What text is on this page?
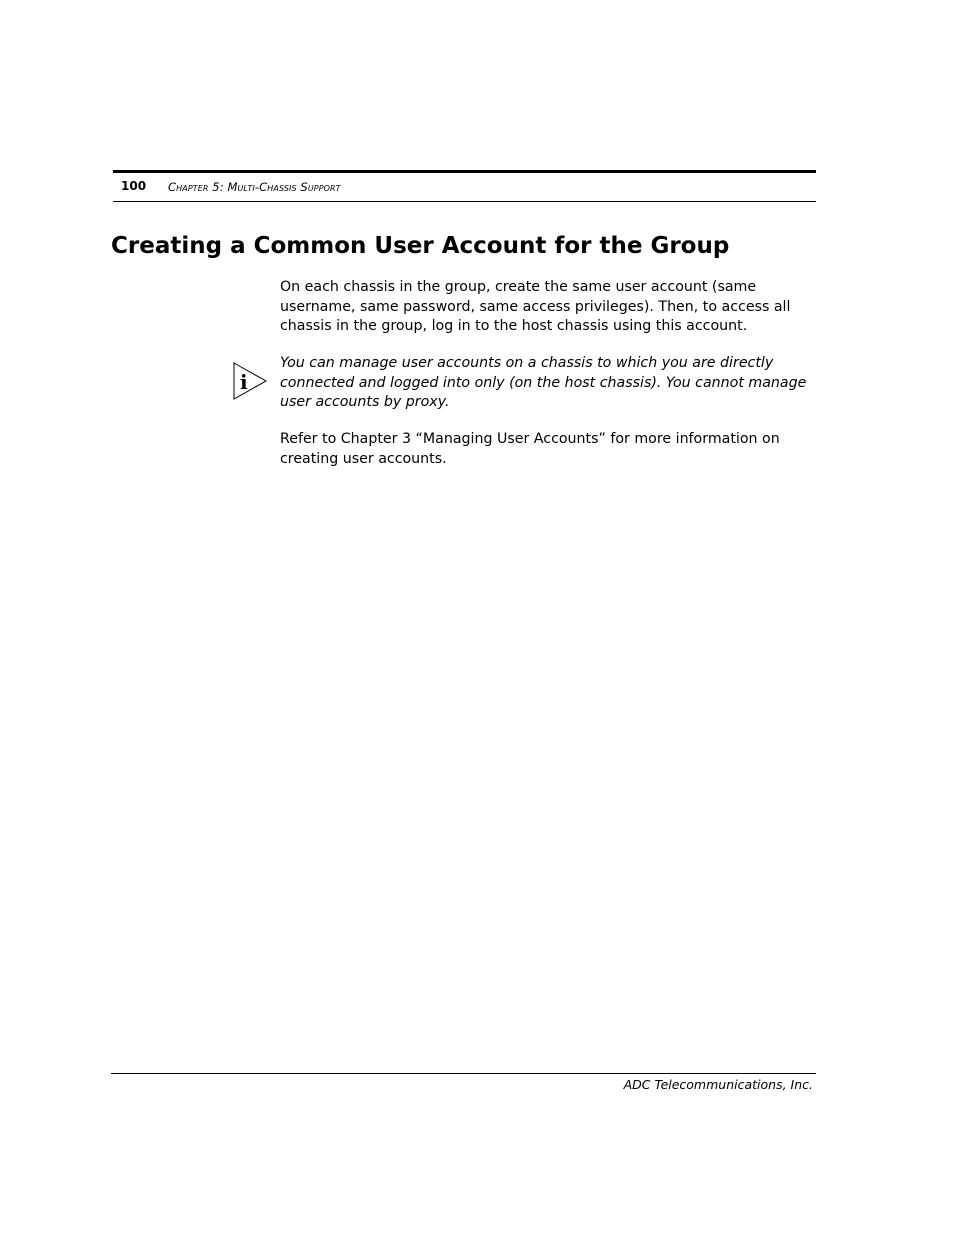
100 Chapter 5: Multi-Chassis Support
Creating a Common User Account for the Group

On each chassis in the group, create the same user account (same username, same password, same access privileges). Then, to access all chassis in the group, log in to the host chassis using this account.

i

You can manage user accounts on a chassis to which you are directly connected and logged into only (on the host chassis). You cannot manage user accounts by proxy.

Refer to Chapter 3 “Managing User Accounts” for more information on creating user accounts.

ADC Telecommunications, Inc.
